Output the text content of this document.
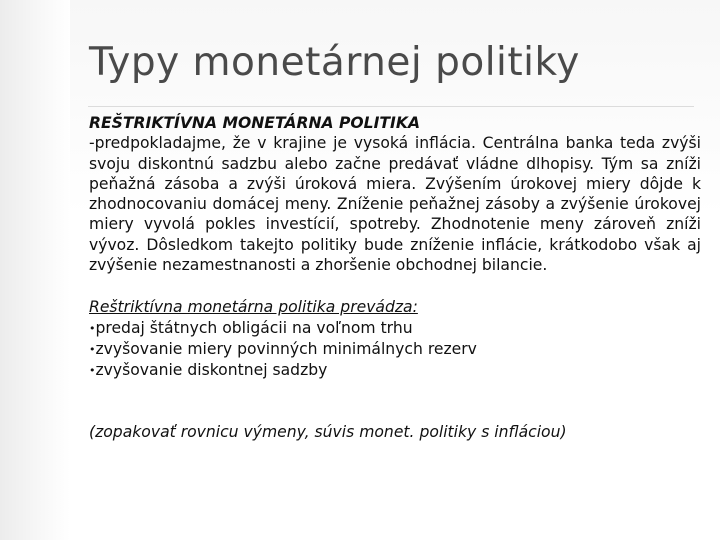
Typy monetárnej politiky
REŠTRIKTÍVNA MONETÁRNA POLITIKA
-predpokladajme, že v krajine je vysoká inflácia. Centrálna banka teda zvýši svoju diskontnú sadzbu alebo začne predávať vládne dlhopisy. Tým sa zníži peňažná zásoba a zvýši úroková miera. Zvýšením úrokovej miery dôjde k zhodnocovaniu domácej meny. Zníženie peňažnej zásoby a zvýšenie úrokovej miery vyvolá pokles investícií, spotreby. Zhodnotenie meny zároveň zníži vývoz. Dôsledkom takejto politiky bude zníženie inflácie, krátkodobo však aj zvýšenie nezamestnanosti a zhoršenie obchodnej bilancie.
Reštriktívna monetárna politika prevádza:
•predaj štátnych obligácii na voľnom trhu
•zvyšovanie miery povinných minimálnych rezerv
•zvyšovanie diskontnej sadzby
(zopakovať rovnicu výmeny, súvis monet. politiky s infláciou)
